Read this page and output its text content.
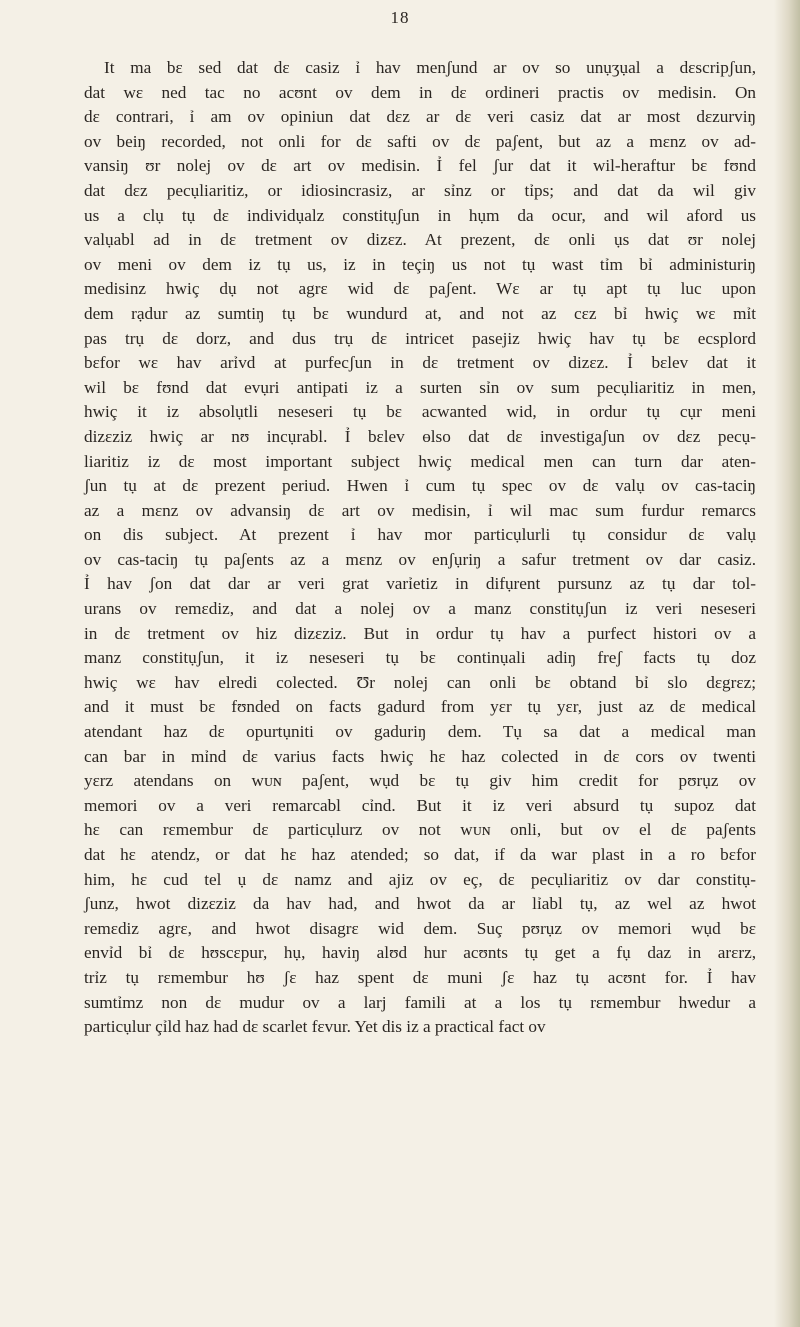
18
It ma bɛ sed dat dɛ casiz ỉ hav menʃund ar ov so unụʒụal a dɛscripʃun,
dat wɛ ned tac no acʊnt ov dem in dɛ ordineri practis ov medisin. On
dɛ contrari, ỉ am ov opiniun dat dɛz ar dɛ veri casiz dat ar most dɛzurviŋ
ov beiŋ recorded, not onli for dɛ safti ov dɛ paʃent, but az a mɛnz ov ad-
vansiŋ ʊr nolej ov dɛ art ov medisin. Ỉ fel ʃur dat it wil-heraftur bɛ fʊnd
dat dɛz pecụliaritiz, or idiosincrasiz, ar sỉnz or tỉps; and dat da wil giv
us a clụ tụ dɛ individụalz constitụʃun in hụm da ocur, and wil aford us
valụabl ad in dɛ tretment ov dizɛz. At prezent, dɛ onli ụs dat ʊr nolej
ov meni ov dem iz tụ us, iz in teçiŋ us not tụ wast tỉm bỉ administuriŋ
medisinz hwiç dụ not agrɛ wid dɛ paʃent. Wɛ ar tụ apt tụ luc upon
dem rạdur az sumtiŋ tụ bɛ wundurd at, and not az cɛz bỉ hwiç wɛ mỉt
pas trụ dɛ dorz, and dus trụ dɛ intricet pasejiz hwiç hav tụ bɛ ecsplord
bɛfor wɛ hav arỉvd at purfecʃun in dɛ tretment ov dizɛz. Ỉ bɛlev dat it
wil bɛ fʊnd dat evụri antipati iz a surten sỉn ov sum pecụliaritiz in men,
hwiç it iz absolụtli neseseri tụ bɛ acwanted wid, in ordur tụ cụr meni
dizɛziz hwiç ar nʊ incụrabl. Ỉ bɛlev ɵlso dat dɛ investigaʃun ov dɛz pecụ-
liaritiz iz dɛ most important subject hwiç medical men can turn dar aten-
ʃun tụ at dɛ prezent periud. Hwen ỉ cum tụ spec ov dɛ valụ ov cas-taciŋ
az a mɛnz ov advansiŋ dɛ art ov medisin, ỉ wil mac sum furdur remarcs
on dis subject. At prezent ỉ hav mor particụlurli tụ considur dɛ valụ
ov cas-taciŋ tụ paʃents az a mɛnz ov enʃụriŋ a safur tretment ov dar casiz.
Ỉ hav ʃon dat dar ar veri grat varỉetiz in difụrent pursunz az tụ dar tol-
urans ov remɛdiz, and dat a nolej ov a manz constitụʃun iz veri neseseri
in dɛ tretment ov hiz dizɛziz. But in ordur tụ hav a purfect histori ov a
manz constitụʃun, it iz neseseri tụ bɛ continụali adiŋ freʃ facts tụ doz
hwiç wɛ hav elredi colected. Ʊr nolej can onli bɛ obtand bỉ slo dɛgrɛz;
and it must bɛ fʊnded on facts gadurd from yɛr tụ yɛr, just az dɛ medical
atendant haz dɛ opurtụniti ov gaduriŋ dem. Tụ sa dat a medical man
can bar in mỉnd dɛ varius facts hwiç hɛ haz colected in dɛ cors ov twenti
yɛrz atendans on ᴡᴜɴ paʃent, wụd bɛ tụ giv him credit for pʊrụz ov
memori ov a veri remarcabl cỉnd. But it iz veri absurd tụ supoz dat
hɛ can rɛmembur dɛ particụlurz ov not ᴡᴜɴ onli, but ov el dɛ paʃents
dat hɛ atendz, or dat hɛ haz atended; so dat, if da war plast in a ro bɛfor
him, hɛ cud tel ụ dɛ namz and ajiz ov eç, dɛ pecụliaritiz ov dar constitụ-
ʃunz, hwot dizɛziz da hav had, and hwot da ar lỉabl tụ, az wel az hwot
remɛdiz agrɛ, and hwot disagrɛ wid dem. Suç pʊrụz ov memori wụd bɛ
envỉd bỉ dɛ hʊscɛpur, hụ, haviŋ alʊd hur acʊnts tụ get a fụ daz in arɛrz,
trỉz tụ rɛmembur hʊ ʃɛ haz spent dɛ muni ʃɛ haz tụ acʊnt for. Ỉ hav
sumtỉmz non dɛ mudur ov a larj famili at a los tụ rɛmembur hwedur a
particụlur çỉld haz had dɛ scarlet fɛvur. Yet dis iz a practical fact ov
